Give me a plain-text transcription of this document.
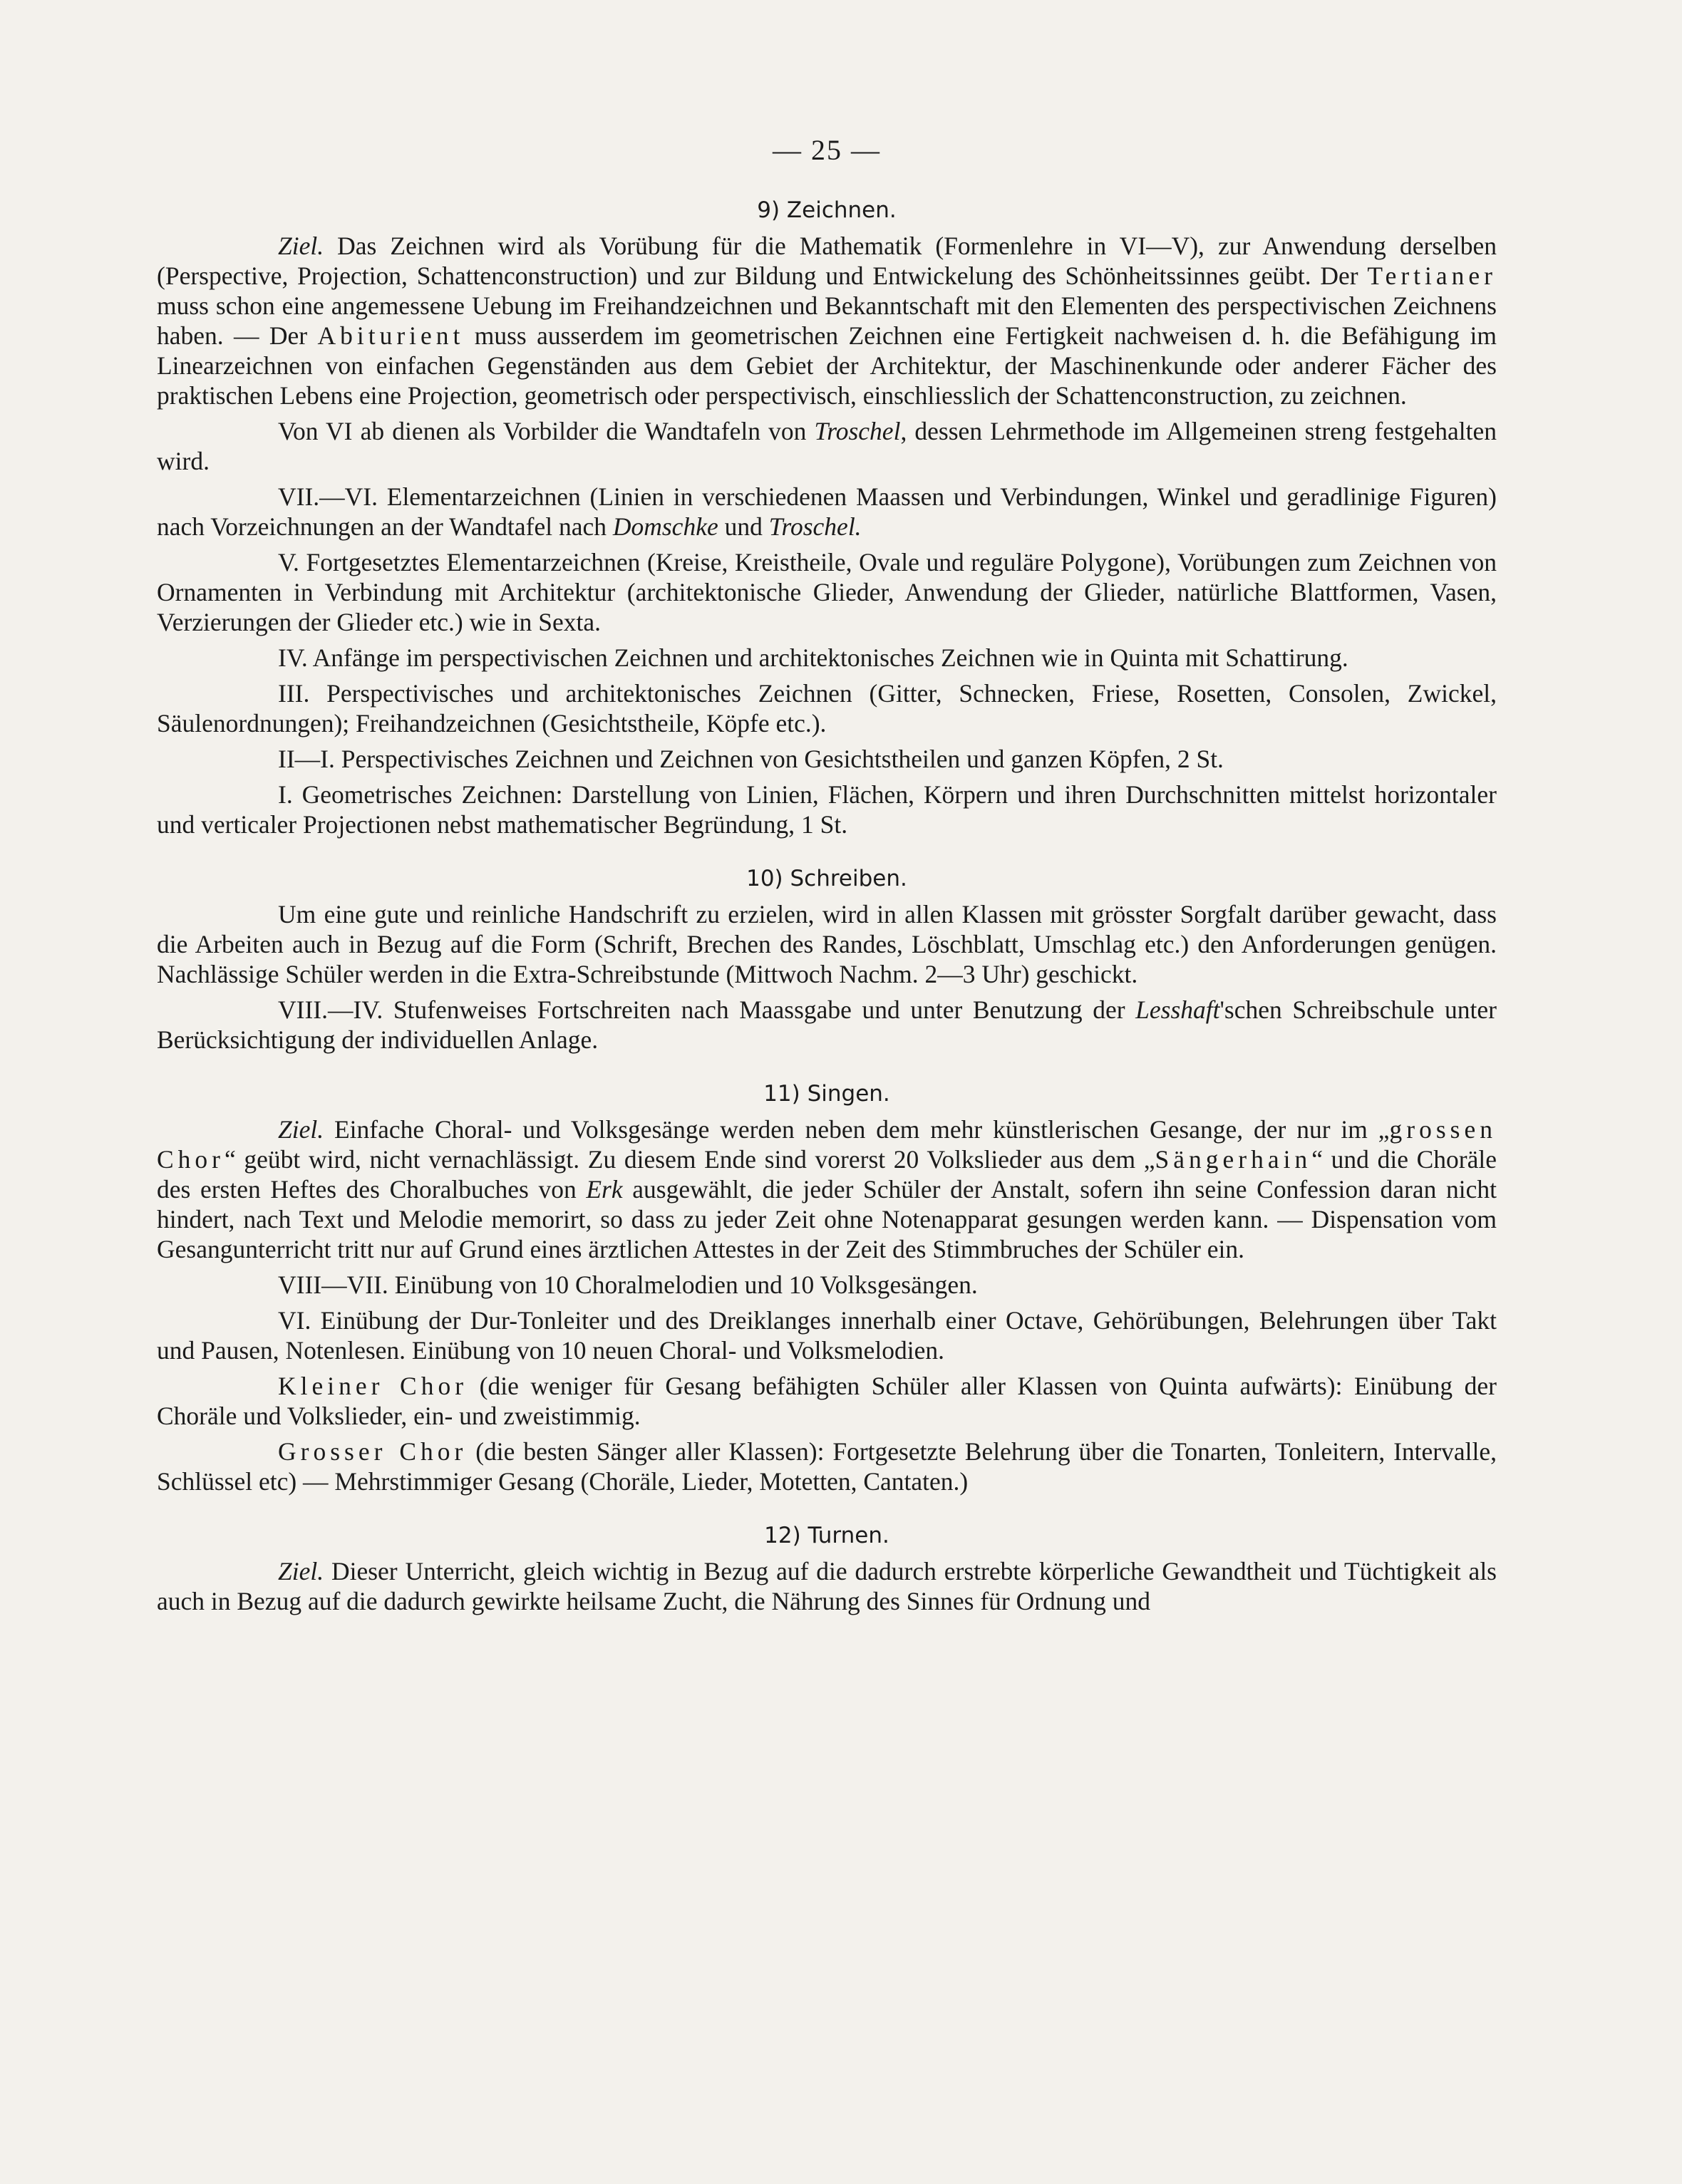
— 25 —
9) Zeichnen.

Ziel. Das Zeichnen wird als Vorübung für die Mathematik (Formenlehre in VI—V), zur Anwendung derselben (Perspective, Projection, Schattenconstruction) und zur Bildung und Entwickelung des Schönheitssinnes geübt. Der Tertianer muss schon eine angemessene Uebung im Freihandzeichnen und Bekanntschaft mit den Elementen des perspectivischen Zeichnens haben. — Der Abiturient muss ausserdem im geometrischen Zeichnen eine Fertigkeit nachweisen d. h. die Befähigung im Linearzeichnen von einfachen Gegenständen aus dem Gebiet der Architektur, der Maschinenkunde oder anderer Fächer des praktischen Lebens eine Projection, geometrisch oder perspectivisch, einschliesslich der Schattenconstruction, zu zeichnen.

Von VI ab dienen als Vorbilder die Wandtafeln von Troschel, dessen Lehrmethode im Allgemeinen streng festgehalten wird.

VII.—VI. Elementarzeichnen (Linien in verschiedenen Maassen und Verbindungen, Winkel und geradlinige Figuren) nach Vorzeichnungen an der Wandtafel nach Domschke und Troschel.

V. Fortgesetztes Elementarzeichnen (Kreise, Kreistheile, Ovale und reguläre Polygone), Vorübungen zum Zeichnen von Ornamenten in Verbindung mit Architektur (architektonische Glieder, Anwendung der Glieder, natürliche Blattformen, Vasen, Verzierungen der Glieder etc.) wie in Sexta.

IV. Anfänge im perspectivischen Zeichnen und architektonisches Zeichnen wie in Quinta mit Schattirung.

III. Perspectivisches und architektonisches Zeichnen (Gitter, Schnecken, Friese, Rosetten, Consolen, Zwickel, Säulenordnungen); Freihandzeichnen (Gesichtstheile, Köpfe etc.).

II—I. Perspectivisches Zeichnen und Zeichnen von Gesichtstheilen und ganzen Köpfen, 2 St.

I. Geometrisches Zeichnen: Darstellung von Linien, Flächen, Körpern und ihren Durchschnitten mittelst horizontaler und verticaler Projectionen nebst mathematischer Begründung, 1 St.

10) Schreiben.

Um eine gute und reinliche Handschrift zu erzielen, wird in allen Klassen mit grösster Sorgfalt darüber gewacht, dass die Arbeiten auch in Bezug auf die Form (Schrift, Brechen des Randes, Löschblatt, Umschlag etc.) den Anforderungen genügen. Nachlässige Schüler werden in die Extra-Schreibstunde (Mittwoch Nachm. 2—3 Uhr) geschickt.

VIII.—IV. Stufenweises Fortschreiten nach Maassgabe und unter Benutzung der Lesshaft'schen Schreibschule unter Berücksichtigung der individuellen Anlage.

11) Singen.

Ziel. Einfache Choral- und Volksgesänge werden neben dem mehr künstlerischen Gesange, der nur im „grossen Chor“ geübt wird, nicht vernachlässigt. Zu diesem Ende sind vorerst 20 Volkslieder aus dem „Sängerhain“ und die Choräle des ersten Heftes des Choralbuches von Erk ausgewählt, die jeder Schüler der Anstalt, sofern ihn seine Confession daran nicht hindert, nach Text und Melodie memorirt, so dass zu jeder Zeit ohne Notenapparat gesungen werden kann. — Dispensation vom Gesangunterricht tritt nur auf Grund eines ärztlichen Attestes in der Zeit des Stimmbruches der Schüler ein.

VIII—VII. Einübung von 10 Choralmelodien und 10 Volksgesängen.

VI. Einübung der Dur-Tonleiter und des Dreiklanges innerhalb einer Octave, Gehörübungen, Belehrungen über Takt und Pausen, Notenlesen. Einübung von 10 neuen Choral- und Volksmelodien.

Kleiner Chor (die weniger für Gesang befähigten Schüler aller Klassen von Quinta aufwärts): Einübung der Choräle und Volkslieder, ein- und zweistimmig.

Grosser Chor (die besten Sänger aller Klassen): Fortgesetzte Belehrung über die Tonarten, Tonleitern, Intervalle, Schlüssel etc) — Mehrstimmiger Gesang (Choräle, Lieder, Motetten, Cantaten.)

12) Turnen.

Ziel. Dieser Unterricht, gleich wichtig in Bezug auf die dadurch erstrebte körperliche Gewandtheit und Tüchtigkeit als auch in Bezug auf die dadurch gewirkte heilsame Zucht, die Nährung des Sinnes für Ordnung und
